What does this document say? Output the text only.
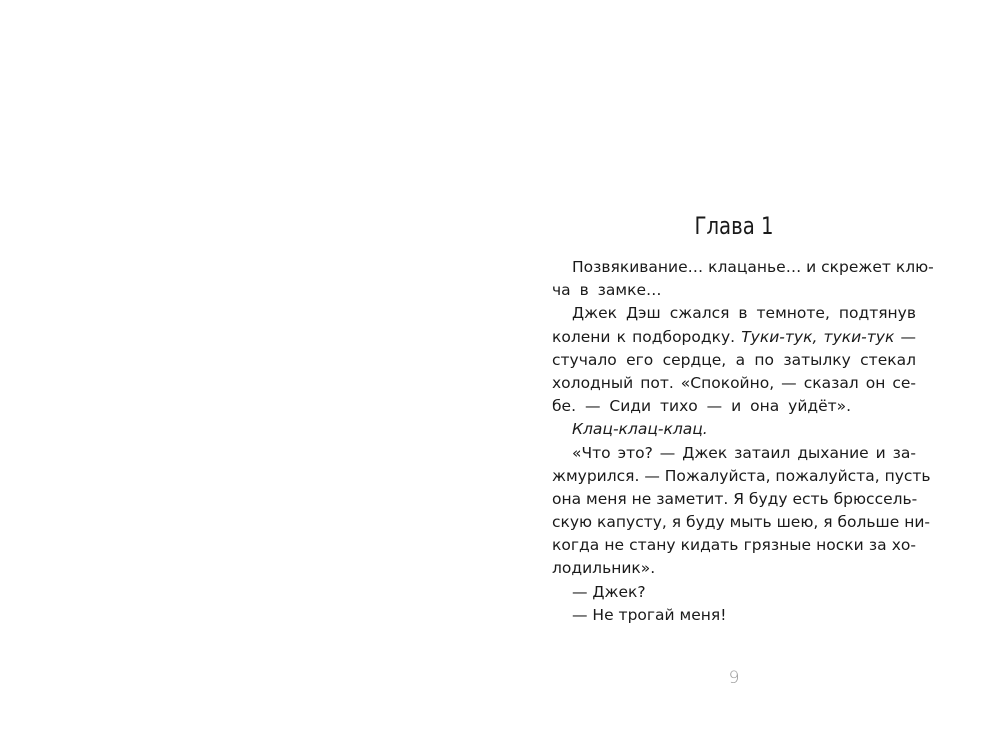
Глава 1
Позвякивание… клацанье… и скрежет клю-
ча в замке…
Джек Дэш сжался в темноте, подтянув
колени к подбородку. Туки-тук, туки-тук —
стучало его сердце, а по затылку стекал
холодный пот. «Спокойно, — сказал он се-
бе. — Сиди тихо — и она уйдёт».
Клац-клац-клац.
«Что это? — Джек затаил дыхание и за-
жмурился. — Пожалуйста, пожалуйста, пусть
она меня не заметит. Я буду есть брюссель-
скую капусту, я буду мыть шею, я больше ни-
когда не стану кидать грязные носки за хо-
лодильник».
— Джек?
— Не трогай меня!
9
